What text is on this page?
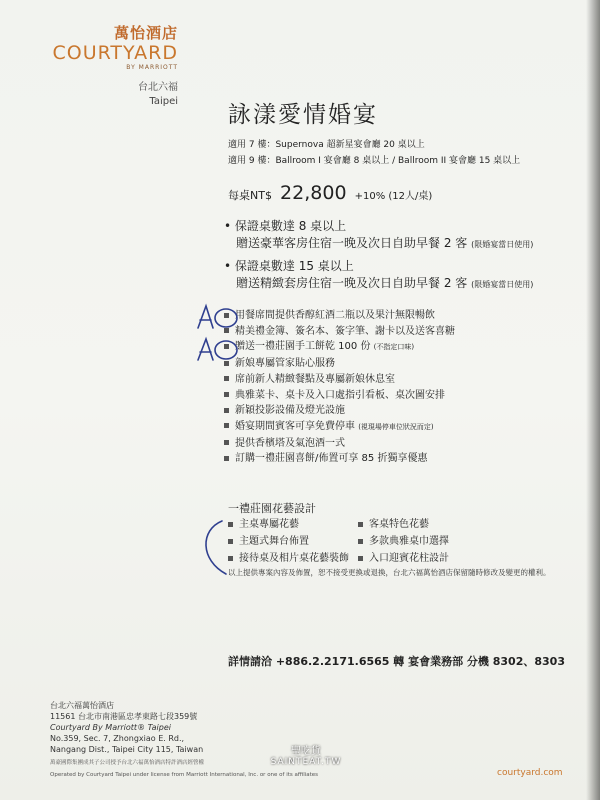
萬怡酒店
COURTYARD
BY MARRIOTT
台北六福
Taipei
詠漾愛情婚宴
適用 7 樓：Supernova 超新星宴會廳 20 桌以上
適用 9 樓：Ballroom I 宴會廳 8 桌以上 / Ballroom II 宴會廳 15 桌以上
每桌NT$ 22,800 +10% (12人/桌)
• 保證桌數達 8 桌以上
贈送豪華客房住宿一晚及次日自助早餐 2 客 (限婚宴當日使用)
• 保證桌數達 15 桌以上
贈送精緻套房住宿一晚及次日自助早餐 2 客 (限婚宴當日使用)
用餐席間提供香醇紅酒二瓶以及果汁無限暢飲
精美禮金簿、簽名本、簽字筆、謝卡以及送客喜糖
贈送一禮莊園手工餅乾 100 份 (不指定口味)
新娘專屬管家貼心服務
席前新人精緻餐點及專屬新娘休息室
典雅菜卡、桌卡及入口處指引看板、桌次圖安排
新穎投影設備及燈光設施
婚宴期間賓客可享免費停車 (視現場停車位狀況而定)
提供香檳塔及氣泡酒一式
訂購一禮莊園喜餅/佈置可享 85 折獨享優惠
一禮莊園花藝設計
主桌專屬花藝	客桌特色花藝
主題式舞台佈置	多款典雅桌巾選擇
接待桌及相片桌花藝裝飾	入口迎賓花柱設計
以上提供專案內容及佈置，恕不接受更換或退換，台北六福萬怡酒店保留隨時修改及變更的權利。
詳情請洽 +886.2.2171.6565 轉 宴會業務部 分機 8302、8303
台北六福萬怡酒店
11561 台北市南港區忠孝東路七段359號
Courtyard By Marriott® Taipei
No.359, Sec. 7, Zhongxiao E. Rd.,
Nangang Dist., Taipei City 115, Taiwan
萬豪國際集團成其子公司授予台北六福萬怡酒店特許酒店經營權
Operated by Courtyard Taipei under license from Marriott International, Inc. or one of its affiliates	courtyard.com
聖吃貨
SAINTEAT.TW
